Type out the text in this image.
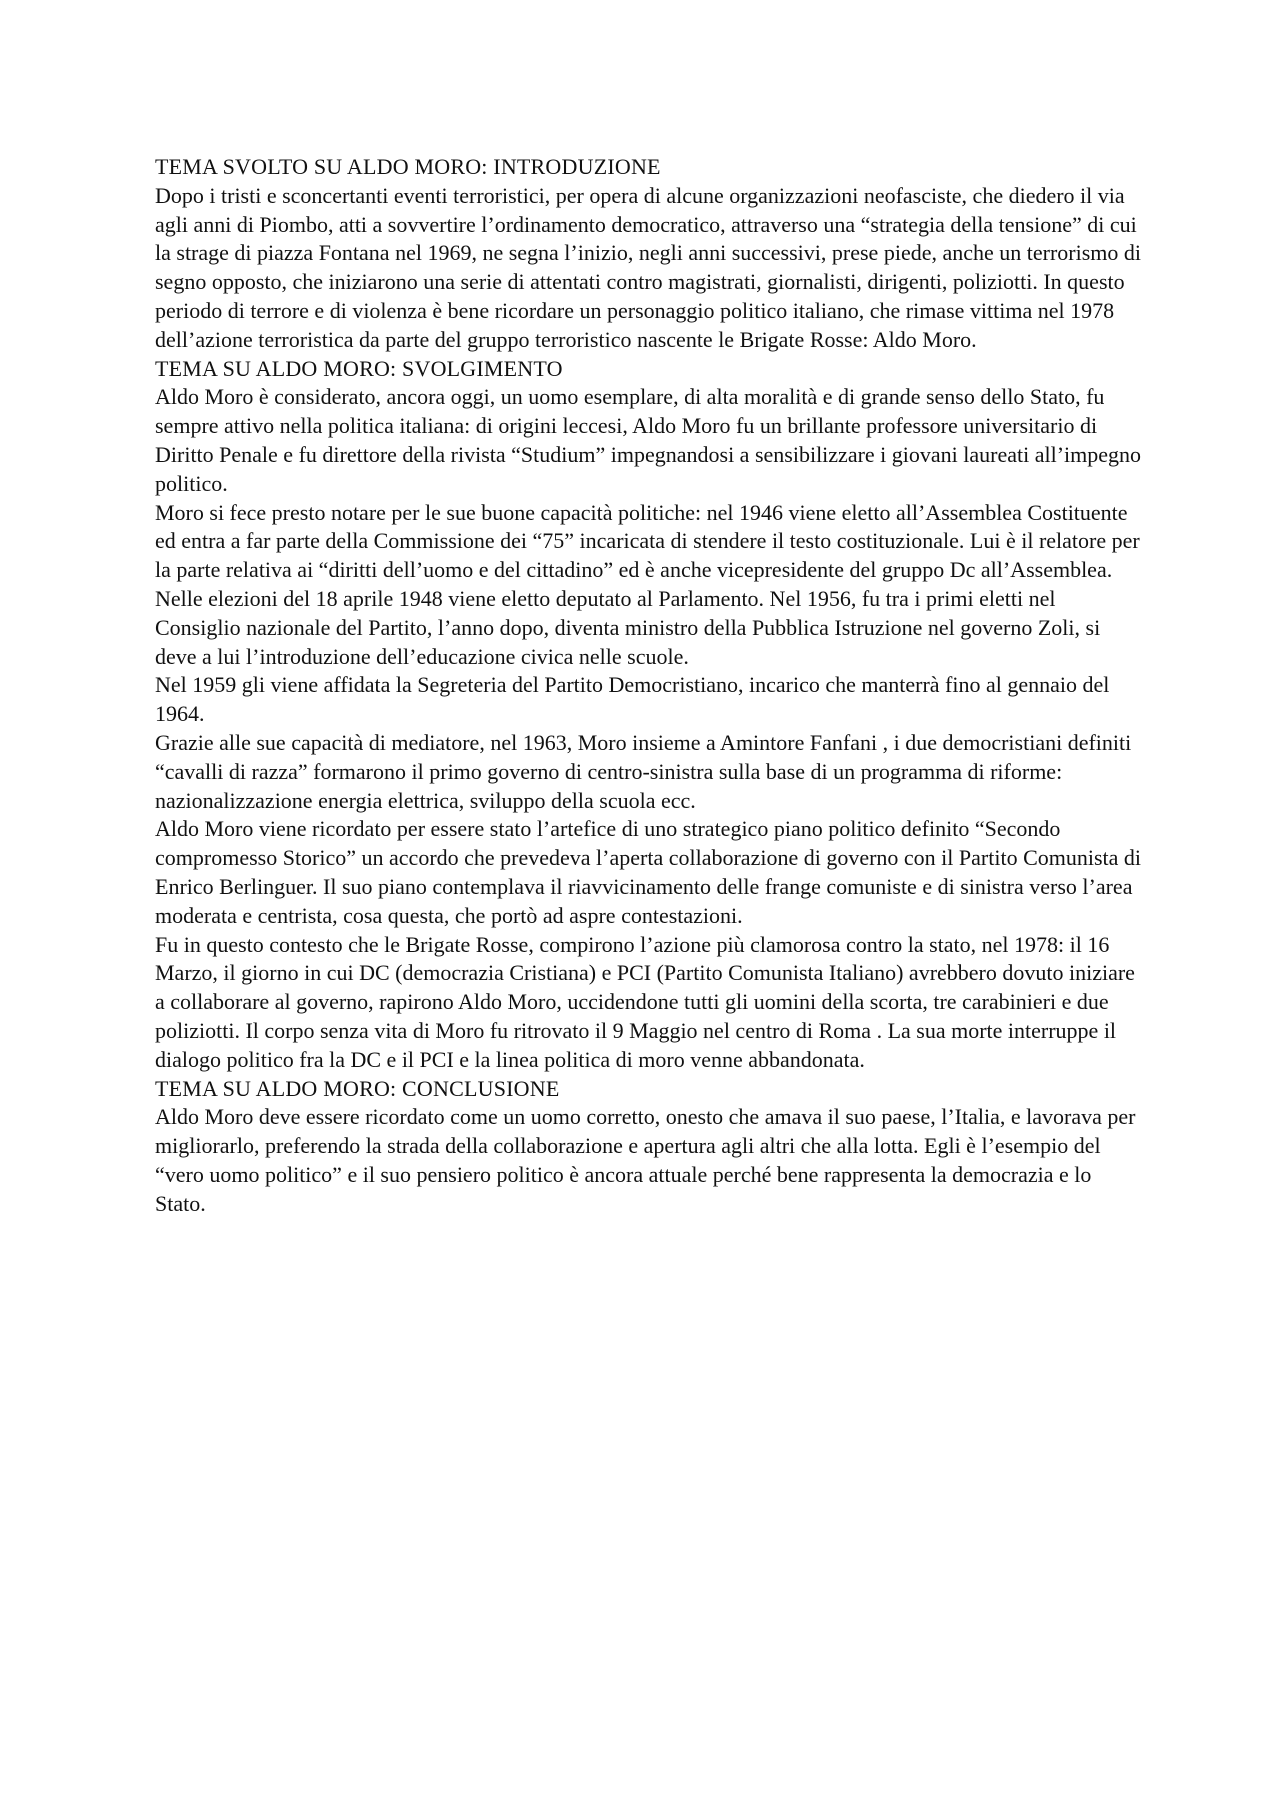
TEMA SVOLTO SU ALDO MORO: INTRODUZIONE

Dopo i tristi e sconcertanti eventi terroristici, per opera di alcune organizzazioni neofasciste, che diedero il via agli anni di Piombo, atti a sovvertire l’ordinamento democratico, attraverso una “strategia della tensione” di cui la strage di piazza Fontana nel 1969, ne segna l’inizio, negli anni successivi, prese piede, anche un terrorismo di segno opposto, che iniziarono una serie di attentati contro magistrati, giornalisti, dirigenti, poliziotti. In questo periodo di terrore e di violenza è bene ricordare un personaggio politico italiano, che rimase vittima nel 1978 dell’azione terroristica da parte del gruppo terroristico nascente le Brigate Rosse: Aldo Moro.

TEMA SU ALDO MORO: SVOLGIMENTO

Aldo Moro è considerato, ancora oggi, un uomo esemplare, di alta moralità e di grande senso dello Stato, fu sempre attivo nella politica italiana: di origini leccesi, Aldo Moro fu un brillante professore universitario di Diritto Penale e fu direttore della rivista “Studium” impegnandosi a sensibilizzare i giovani laureati all’impegno politico.

Moro si fece presto notare per le sue buone capacità politiche: nel 1946 viene eletto all’Assemblea Costituente ed entra a far parte della Commissione dei “75” incaricata di stendere il testo costituzionale. Lui è il relatore per la parte relativa ai “diritti dell’uomo e del cittadino” ed è anche vicepresidente del gruppo Dc all’Assemblea. Nelle elezioni del 18 aprile 1948 viene eletto deputato al Parlamento. Nel 1956, fu tra i primi eletti nel Consiglio nazionale del Partito, l’anno dopo, diventa ministro della Pubblica Istruzione nel governo Zoli, si deve a lui l’introduzione dell’educazione civica nelle scuole.

Nel 1959 gli viene affidata la Segreteria del Partito Democristiano, incarico che manterrà fino al gennaio del 1964.

Grazie alle sue capacità di mediatore, nel 1963, Moro insieme a Amintore Fanfani , i due democristiani definiti “cavalli di razza” formarono il primo governo di centro-sinistra sulla base di un programma di riforme: nazionalizzazione energia elettrica, sviluppo della scuola ecc.

Aldo Moro viene ricordato per essere stato l’artefice di uno strategico piano politico definito “Secondo compromesso Storico” un accordo che prevedeva l’aperta collaborazione di governo con il Partito Comunista di Enrico Berlinguer. Il suo piano contemplava il riavvicinamento delle frange comuniste e di sinistra verso l’area moderata e centrista, cosa questa, che portò ad aspre contestazioni.

Fu in questo contesto che le Brigate Rosse, compirono l’azione più clamorosa contro la stato, nel 1978: il 16 Marzo, il giorno in cui DC (democrazia Cristiana) e PCI (Partito Comunista Italiano) avrebbero dovuto iniziare a collaborare al governo, rapirono Aldo Moro, uccidendone tutti gli uomini della scorta, tre carabinieri e due poliziotti. Il corpo senza vita di Moro fu ritrovato il 9 Maggio nel centro di Roma . La sua morte interruppe il dialogo politico fra la DC e il PCI e la linea politica di moro venne abbandonata.

TEMA SU ALDO MORO: CONCLUSIONE

Aldo Moro deve essere ricordato come un uomo corretto, onesto che amava il suo paese, l’Italia, e lavorava per migliorarlo, preferendo la strada della collaborazione e apertura agli altri che alla lotta. Egli è l’esempio del “vero uomo politico” e il suo pensiero politico è ancora attuale perché bene rappresenta la democrazia e lo Stato.
